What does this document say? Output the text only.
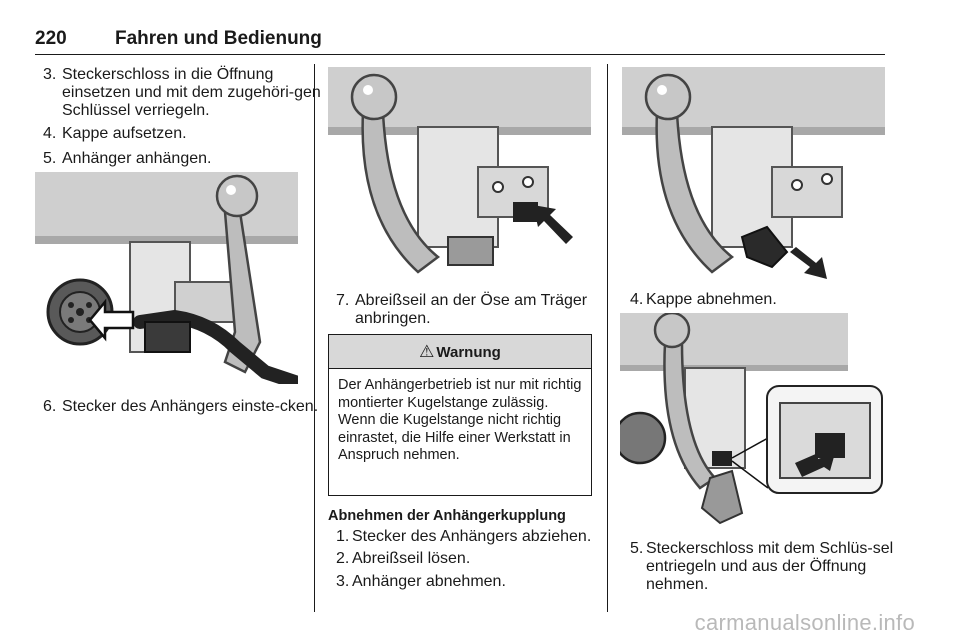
220	Fahren und Bedienung
3. Steckerschloss in die Öffnung einsetzen und mit dem zugehöri-gen Schlüssel verriegeln.
4. Kappe aufsetzen.
5. Anhänger anhängen.
6. Stecker des Anhängers einste-cken.
7. Abreißseil an der Öse am Träger anbringen.
⚠ Warnung
Der Anhängerbetrieb ist nur mit richtig montierter Kugelstange zulässig. Wenn die Kugelstange nicht richtig einrastet, die Hilfe einer Werkstatt in Anspruch nehmen.
Abnehmen der Anhängerkupplung
1. Stecker des Anhängers abziehen.
2. Abreißseil lösen.
3. Anhänger abnehmen.
4. Kappe abnehmen.
5. Steckerschloss mit dem Schlüs-sel entriegeln und aus der Öffnung nehmen.
carmanualsonline.info
